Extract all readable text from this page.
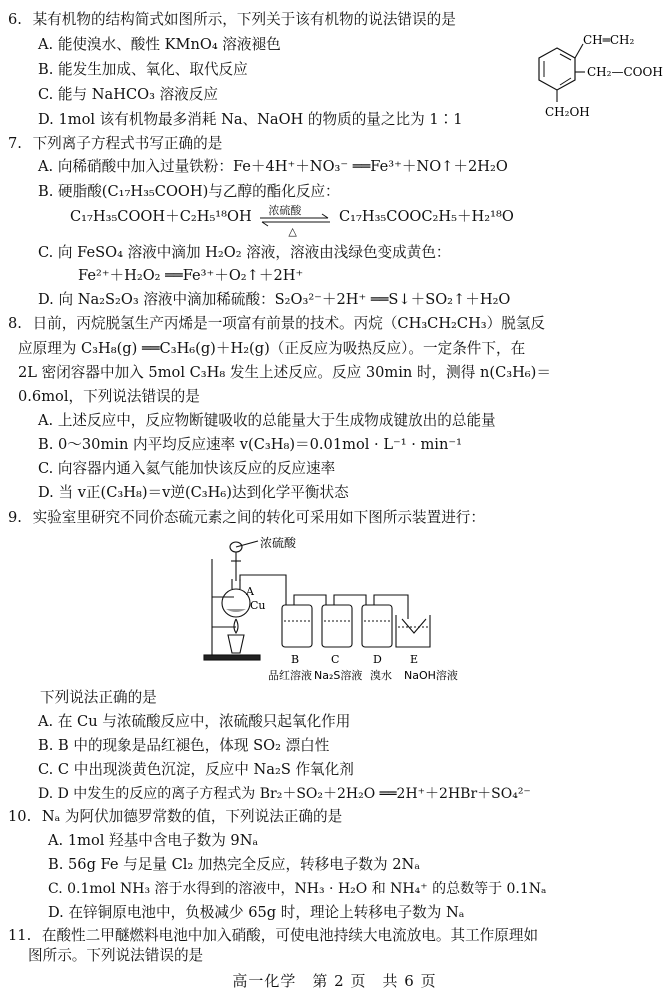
6. 某有机物的结构简式如图所示，下列关于该有机物的说法错误的是
A. 能使溴水、酸性 KMnO₄ 溶液褪色
B. 能发生加成、氧化、取代反应
C. 能与 NaHCO₃ 溶液反应
D. 1mol 该有机物最多消耗 Na、NaOH 的物质的量之比为 1∶1
CH═CH₂
CH₂—COOH
CH₂OH
7. 下列离子方程式书写正确的是
A. 向稀硝酸中加入过量铁粉：Fe＋4H⁺＋NO₃⁻ ══Fe³⁺＋NO↑＋2H₂O
B. 硬脂酸(C₁₇H₃₅COOH)与乙醇的酯化反应：
C₁₇H₃₅COOH＋C₂H₅¹⁸OH 浓硫酸
△
C₁₇H₃₅COOC₂H₅＋H₂¹⁸O
C. 向 FeSO₄ 溶液中滴加 H₂O₂ 溶液，溶液由浅绿色变成黄色：
Fe²⁺＋H₂O₂ ══Fe³⁺＋O₂↑＋2H⁺
D. 向 Na₂S₂O₃ 溶液中滴加稀硫酸：S₂O₃²⁻＋2H⁺ ══S↓＋SO₂↑＋H₂O
8. 日前，丙烷脱氢生产丙烯是一项富有前景的技术。丙烷（CH₃CH₂CH₃）脱氢反
应原理为 C₃H₈(g) ══C₃H₆(g)＋H₂(g)（正反应为吸热反应）。一定条件下，在
2L 密闭容器中加入 5mol C₃H₈ 发生上述反应。反应 30min 时，测得 n(C₃H₆)＝
0.6mol，下列说法错误的是
A. 上述反应中，反应物断键吸收的总能量大于生成物成键放出的总能量
B. 0～30min 内平均反应速率 v(C₃H₈)＝0.01mol · L⁻¹ · min⁻¹
C. 向容器内通入氦气能加快该反应的反应速率
D. 当 v正(C₃H₈)＝v逆(C₃H₆)达到化学平衡状态
9. 实验室里研究不同价态硫元素之间的转化可采用如下图所示装置进行：
浓硫酸
A
Cu
B	C	D	E
品红溶液 Na₂S溶液 溴水 NaOH溶液
下列说法正确的是
A. 在 Cu 与浓硫酸反应中，浓硫酸只起氧化作用
B. B 中的现象是品红褪色，体现 SO₂ 漂白性
C. C 中出现淡黄色沉淀，反应中 Na₂S 作氧化剂
D. D 中发生的反应的离子方程式为 Br₂＋SO₂＋2H₂O ══2H⁺＋2HBr＋SO₄²⁻
10. Nₐ 为阿伏加德罗常数的值，下列说法正确的是
A. 1mol 羟基中含电子数为 9Nₐ
B. 56g Fe 与足量 Cl₂ 加热完全反应，转移电子数为 2Nₐ
C. 0.1mol NH₃ 溶于水得到的溶液中，NH₃ · H₂O 和 NH₄⁺ 的总数等于 0.1Nₐ
D. 在锌铜原电池中，负极减少 65g 时，理论上转移电子数为 Nₐ
11. 在酸性二甲醚燃料电池中加入硝酸，可使电池持续大电流放电。其工作原理如
图所示。下列说法错误的是
高一化学　第 2 页　共 6 页
